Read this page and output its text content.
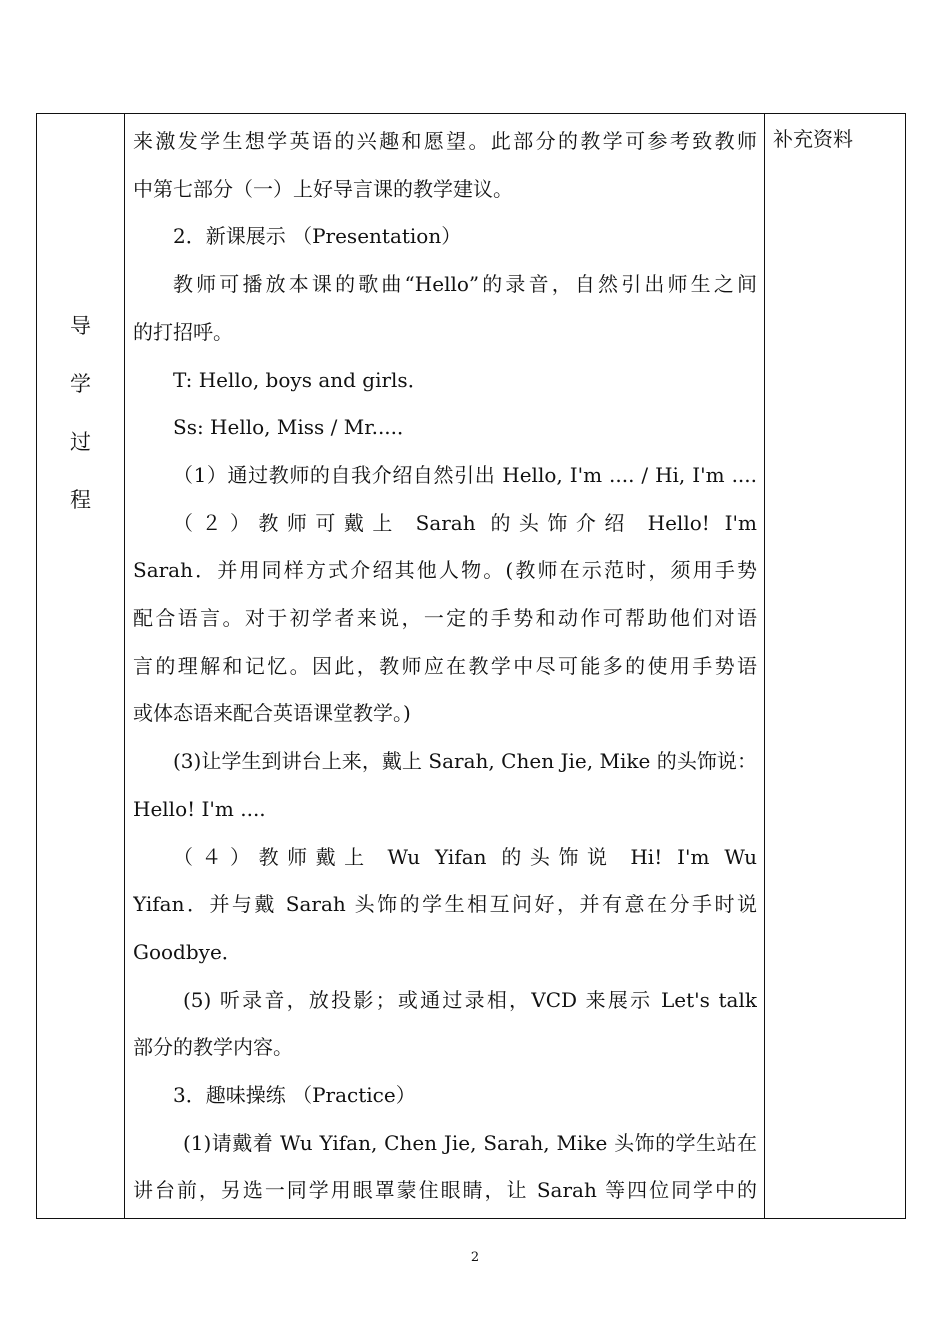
导
学
过
程
来激发学生想学英语的兴趣和愿望。此部分的教学可参考致教师
中第七部分（一）上好导言课的教学建议。
2．新课展示 （Presentation）
教师可播放本课的歌曲“Hello”的录音，自然引出师生之间
的打招呼。
T: Hello, boys and girls．
Ss: Hello, Miss / Mr....．
（1）通过教师的自我介绍自然引出 Hello, I'm .... / Hi, I'm ....
（２）教师可戴上 Sarah 的头饰介绍 Hello! I'm
Sarah．并用同样方式介绍其他人物。(教师在示范时，须用手势
配合语言。对于初学者来说，一定的手势和动作可帮助他们对语
言的理解和记忆。因此，教师应在教学中尽可能多的使用手势语
或体态语来配合英语课堂教学。)
(3)让学生到讲台上来，戴上 Sarah, Chen Jie, Mike 的头饰说：
Hello! I'm ....
（４）教师戴上 Wu Yifan 的头饰说 Hi! I'm Wu
Yifan．并与戴 Sarah 头饰的学生相互问好，并有意在分手时说
Goodbye．
(5) 听录音，放投影；或通过录相，VCD 来展示 Let's talk
部分的教学内容。
3．趣味操练 （Practice）
(1)请戴着 Wu Yifan, Chen Jie, Sarah, Mike 头饰的学生站在
讲台前，另选一同学用眼罩蒙住眼睛，让 Sarah 等四位同学中的
补充资料
2
